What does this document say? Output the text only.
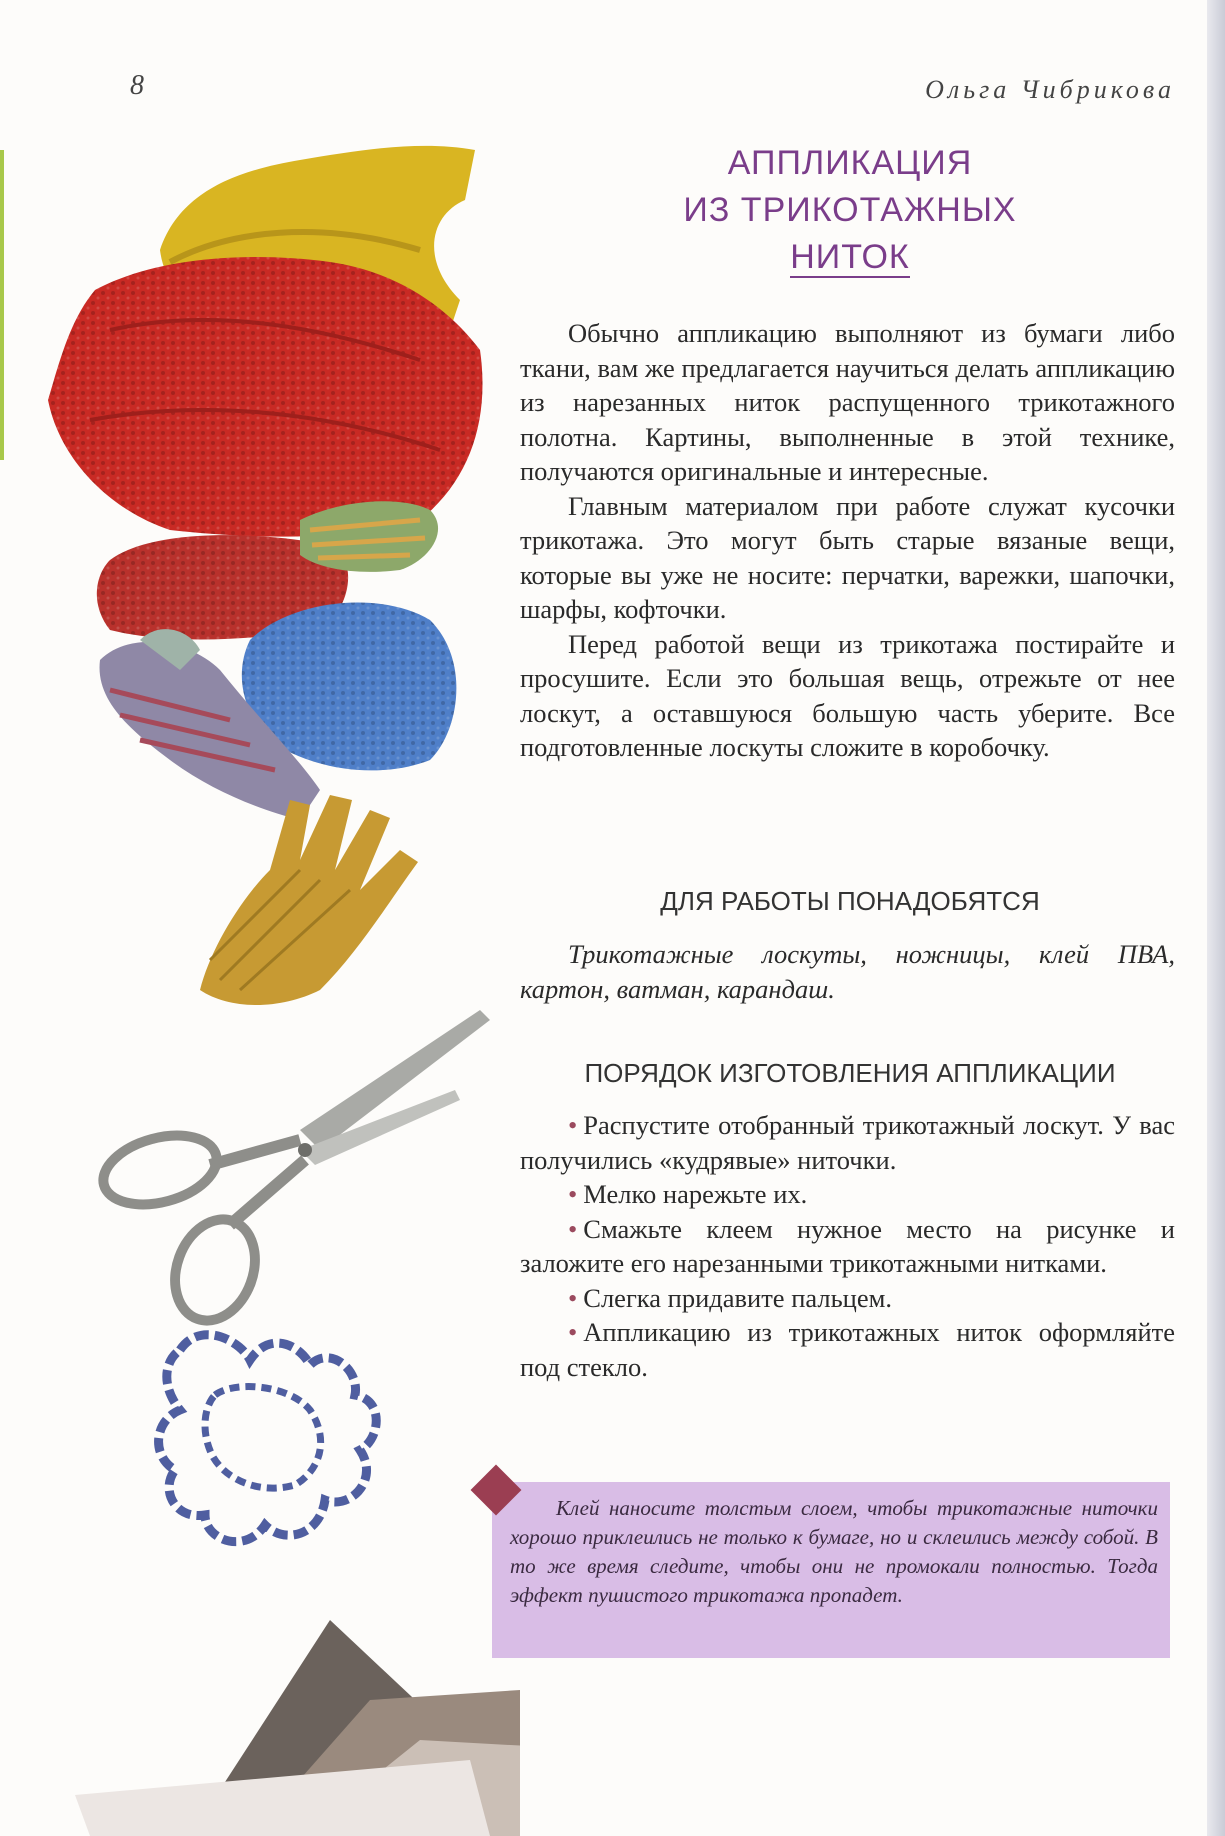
8	Ольга Чибрикова
АППЛИКАЦИЯ
ИЗ ТРИКОТАЖНЫХ
НИТОК

Обычно аппликацию выполняют из бумаги либо ткани, вам же предлагается научиться делать аппликацию из нарезанных ниток распущенного трикотажного полотна. Картины, выполненные в этой технике, получаются оригинальные и интересные.

Главным материалом при работе служат кусочки трикотажа. Это могут быть старые вязаные вещи, которые вы уже не носите: перчатки, варежки, шапочки, шарфы, кофточки.

Перед работой вещи из трикотажа постирайте и просушите. Если это большая вещь, отрежьте от нее лоскут, а оставшуюся большую часть уберите. Все подготовленные лоскуты сложите в коробочку.

ДЛЯ РАБОТЫ ПОНАДОБЯТСЯ
Трикотажные лоскуты, ножницы, клей ПВА, картон, ватман, карандаш.
ПОРЯДОК ИЗГОТОВЛЕНИЯ АППЛИКАЦИИ

• Распустите отобранный трикотажный лоскут. У вас получились «кудрявые» ниточки.

• Мелко нарежьте их.

• Смажьте клеем нужное место на рисунке и заложите его нарезанными трикотажными нитками.

• Слегка придавите пальцем.

• Аппликацию из трикотажных ниток оформляйте под стекло.

Клей наносите толстым слоем, чтобы трикотажные ниточки хорошо приклеились не только к бумаге, но и склеились между собой. В то же время следите, чтобы они не промокали полностью. Тогда эффект пушистого трикотажа пропадет.
